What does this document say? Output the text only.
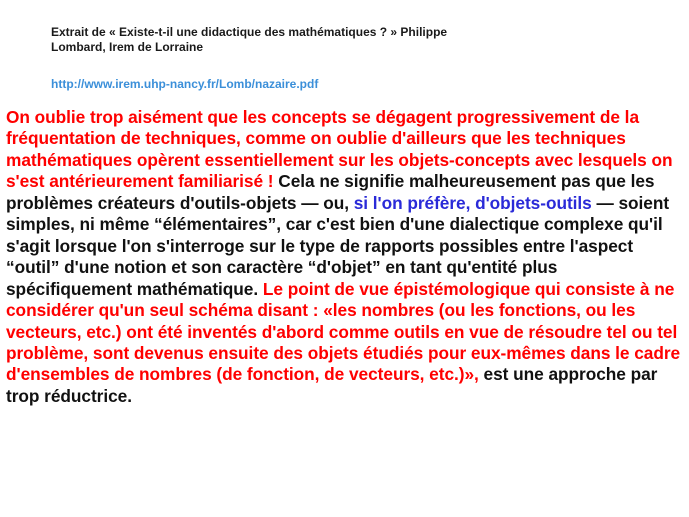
Extrait de « Existe-t-il une didactique des mathématiques ? » Philippe
Lombard, Irem de Lorraine
http://www.irem.uhp-nancy.fr/Lomb/nazaire.pdf
On oublie trop aisément que les concepts se dégagent progressivement de la fréquentation de techniques, comme on oublie d'ailleurs que les techniques mathématiques opèrent essentiellement sur les objets-concepts avec lesquels on s'est antérieurement familiarisé ! Cela ne signifie malheureusement pas que les problèmes créateurs d'outils-objets — ou, si l'on préfère, d'objets-outils — soient simples, ni même “élémentaires”, car c'est bien d'une dialectique complexe qu'il s'agit lorsque l'on s'interroge sur le type de rapports possibles entre l'aspect “outil” d'une notion et son caractère “d'objet” en tant qu'entité plus spécifiquement mathématique. Le point de vue épistémologique qui consiste à ne considérer qu'un seul schéma disant : «les nombres (ou les fonctions, ou les vecteurs, etc.) ont été inventés d'abord comme outils en vue de résoudre tel ou tel problème, sont devenus ensuite des objets étudiés pour eux-mêmes dans le cadre d'ensembles de nombres (de fonction, de vecteurs, etc.)», est une approche par trop réductrice.
